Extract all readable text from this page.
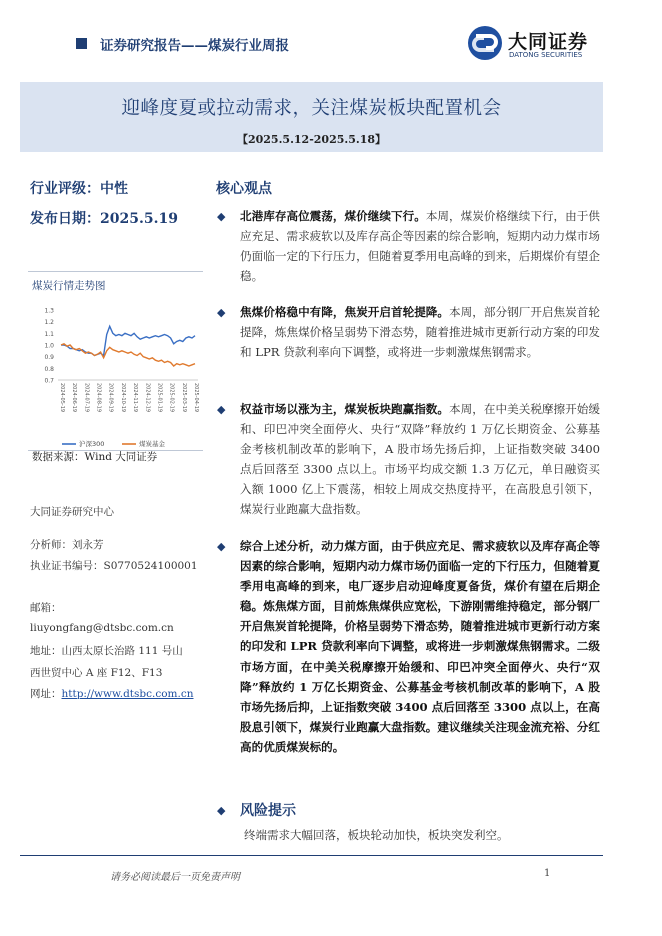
证券研究报告——煤炭行业周报	大同证券
DATONG SECURITIES
迎峰度夏或拉动需求，关注煤炭板块配置机会
【2025.5.12-2025.5.18】
行业评级：中性
发布日期：2025.5.19
煤炭行情走势图
1.3
1.2
1.1
1.0
0.9
0.8
0.7
2024-05-19 2024-06-19 2024-07-19 2024-08-19 2024-09-19 2024-10-19 2024-11-19 2024-12-19 2025-01-19 2025-02-19 2025-03-19 2025-04-19
沪深300	煤炭基金
数据来源：Wind 大同证券
大同证券研究中心
分析师：刘永芳
执业证书编号：S0770524100001
邮箱：
liuyongfang@dtsbc.com.cn
地址：山西太原长治路 111 号山
西世贸中心 A 座 F12、F13
网址：http://www.dtsbc.com.cn
核心观点
◆ 北港库存高位震荡，煤价继续下行。本周，煤炭价格继续下行，由于供应充足、需求疲软以及库存高企等因素的综合影响，短期内动力煤市场仍面临一定的下行压力，但随着夏季用电高峰的到来，后期煤价有望企稳。
◆ 焦煤价格稳中有降，焦炭开启首轮提降。本周，部分钢厂开启焦炭首轮提降，炼焦煤价格呈弱势下滑态势，随着推进城市更新行动方案的印发和 LPR 贷款利率向下调整，或将进一步刺激煤焦钢需求。
◆ 权益市场以涨为主，煤炭板块跑赢指数。本周，在中美关税摩擦开始缓和、印巴冲突全面停火、央行“双降”释放约 1 万亿长期资金、公募基金考核机制改革的影响下，A 股市场先扬后抑，上证指数突破 3400 点后回落至 3300 点以上。市场平均成交额 1.3 万亿元，单日融资买入额 1000 亿上下震荡，相较上周成交热度持平，在高股息引领下，煤炭行业跑赢大盘指数。
◆ 综合上述分析，动力煤方面，由于供应充足、需求疲软以及库存高企等因素的综合影响，短期内动力煤市场仍面临一定的下行压力，但随着夏季用电高峰的到来，电厂逐步启动迎峰度夏备货，煤价有望在后期企稳。炼焦煤方面，目前炼焦煤供应宽松，下游刚需维持稳定，部分钢厂开启焦炭首轮提降，价格呈弱势下滑态势，随着推进城市更新行动方案的印发和 LPR 贷款利率向下调整，或将进一步刺激煤焦钢需求。二级市场方面，在中美关税摩擦开始缓和、印巴冲突全面停火、央行“双降”释放约 1 万亿长期资金、公募基金考核机制改革的影响下，A 股市场先扬后抑，上证指数突破 3400 点后回落至 3300 点以上，在高股息引领下，煤炭行业跑赢大盘指数。建议继续关注现金流充裕、分红高的优质煤炭标的。
◆ 风险提示
终端需求大幅回落，板块轮动加快，板块突发利空。
请务必阅读最后一页免责声明	1
